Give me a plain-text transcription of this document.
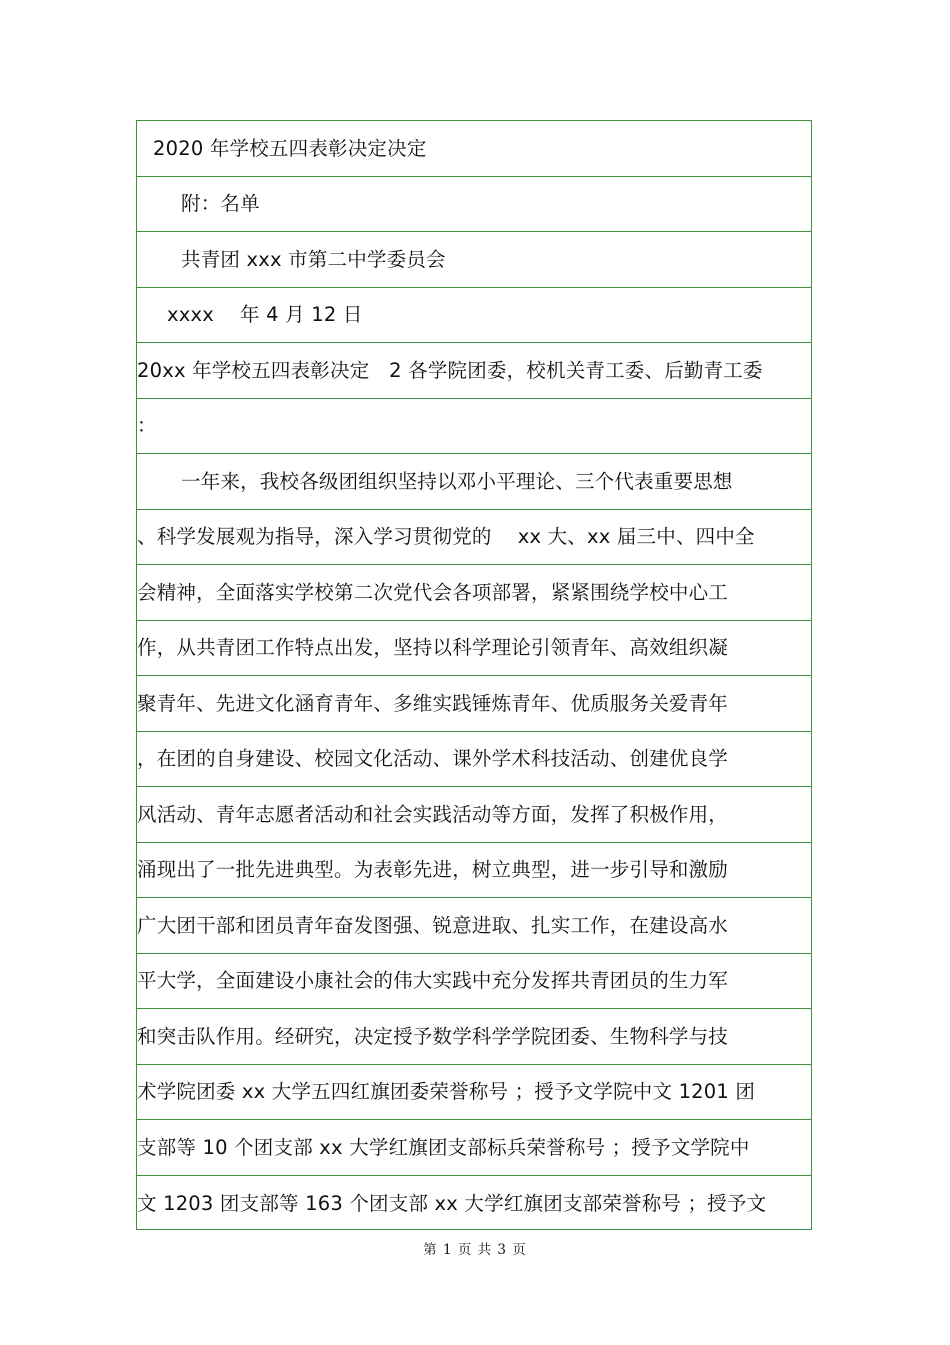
2020 年学校五四表彰决定决定
附：名单
共青团 xxx 市第二中学委员会
xxxx　 年 4 月 12 日
20xx 年学校五四表彰决定　2 各学院团委，校机关青工委、后勤青工委
：
一年来，我校各级团组织坚持以邓小平理论、三个代表重要思想
、科学发展观为指导，深入学习贯彻党的　 xx 大、xx 届三中、四中全
会精神，全面落实学校第二次党代会各项部署，紧紧围绕学校中心工
作，从共青团工作特点出发，坚持以科学理论引领青年、高效组织凝
聚青年、先进文化涵育青年、多维实践锤炼青年、优质服务关爱青年
，在团的自身建设、校园文化活动、课外学术科技活动、创建优良学
风活动、青年志愿者活动和社会实践活动等方面，发挥了积极作用，
涌现出了一批先进典型。为表彰先进，树立典型，进一步引导和激励
广大团干部和团员青年奋发图强、锐意进取、扎实工作，在建设高水
平大学，全面建设小康社会的伟大实践中充分发挥共青团员的生力军
和突击队作用。经研究，决定授予数学科学学院团委、生物科学与技
术学院团委 xx 大学五四红旗团委荣誉称号 ；授予文学院中文 1201 团
支部等 10 个团支部 xx 大学红旗团支部标兵荣誉称号 ；授予文学院中
文 1203 团支部等 163 个团支部 xx 大学红旗团支部荣誉称号 ；授予文
第 1 页 共 3 页
